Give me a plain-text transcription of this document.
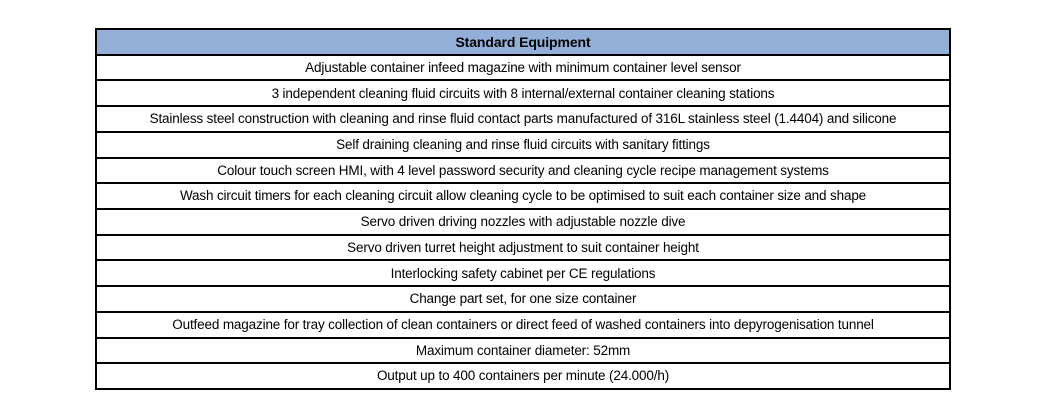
Standard Equipment
Adjustable container infeed magazine with minimum container level sensor
3 independent cleaning fluid circuits with 8 internal/external container cleaning stations
Stainless steel construction with cleaning and rinse fluid contact parts manufactured of 316L stainless steel (1.4404) and silicone
Self draining cleaning and rinse fluid circuits with sanitary fittings
Colour touch screen HMI, with 4 level password security and cleaning cycle recipe management systems
Wash circuit timers for each cleaning circuit allow cleaning cycle to be optimised to suit each container size and shape
Servo driven driving nozzles with adjustable nozzle dive
Servo driven turret height adjustment to suit container height
Interlocking safety cabinet per CE regulations
Change part set, for one size container
Outfeed magazine for tray collection of clean containers or direct feed of washed containers into depyrogenisation tunnel
Maximum container diameter: 52mm
Output up to 400 containers per minute (24.000/h)
